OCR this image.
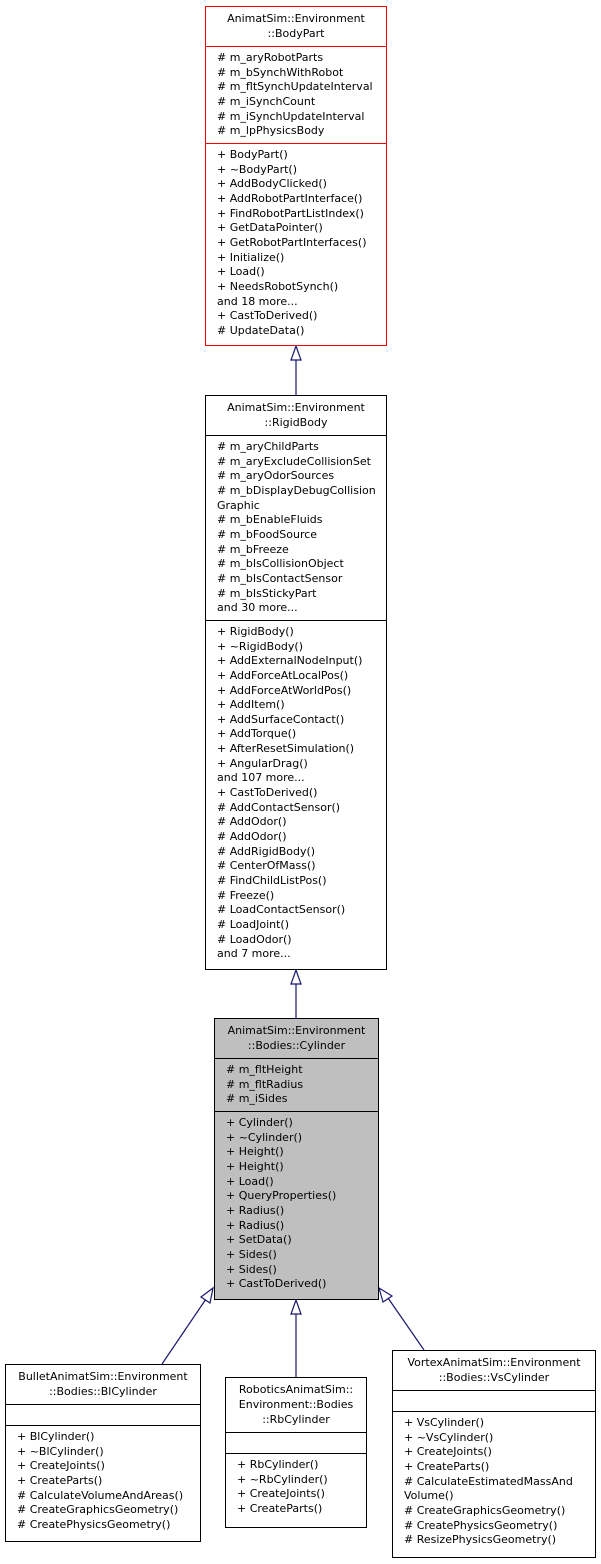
AnimatSim::Environment
::BodyPart
# m_aryRobotParts
# m_bSynchWithRobot
# m_fltSynchUpdateInterval
# m_iSynchCount
# m_iSynchUpdateInterval
# m_lpPhysicsBody
+ BodyPart()
+ ~BodyPart()
+ AddBodyClicked()
+ AddRobotPartInterface()
+ FindRobotPartListIndex()
+ GetDataPointer()
+ GetRobotPartInterfaces()
+ Initialize()
+ Load()
+ NeedsRobotSynch()
and 18 more...
+ CastToDerived()
# UpdateData()
AnimatSim::Environment
::RigidBody
# m_aryChildParts
# m_aryExcludeCollisionSet
# m_aryOdorSources
# m_bDisplayDebugCollision Graphic
# m_bEnableFluids
# m_bFoodSource
# m_bFreeze
# m_bIsCollisionObject
# m_bIsContactSensor
# m_bIsStickyPart
and 30 more...
+ RigidBody()
+ ~RigidBody()
+ AddExternalNodeInput()
+ AddForceAtLocalPos()
+ AddForceAtWorldPos()
+ AddItem()
+ AddSurfaceContact()
+ AddTorque()
+ AfterResetSimulation()
+ AngularDrag()
and 107 more...
+ CastToDerived()
# AddContactSensor()
# AddOdor()
# AddOdor()
# AddRigidBody()
# CenterOfMass()
# FindChildListPos()
# Freeze()
# LoadContactSensor()
# LoadJoint()
# LoadOdor()
and 7 more...
AnimatSim::Environment
::Bodies::Cylinder
# m_fltHeight
# m_fltRadius
# m_iSides
+ Cylinder()
+ ~Cylinder()
+ Height()
+ Height()
+ Load()
+ QueryProperties()
+ Radius()
+ Radius()
+ SetData()
+ Sides()
+ Sides()
+ CastToDerived()
BulletAnimatSim::Environment
::Bodies::BlCylinder
+ BlCylinder()
+ ~BlCylinder()
+ CreateJoints()
+ CreateParts()
# CalculateVolumeAndAreas()
# CreateGraphicsGeometry()
# CreatePhysicsGeometry()
RoboticsAnimatSim::
Environment::Bodies
::RbCylinder
+ RbCylinder()
+ ~RbCylinder()
+ CreateJoints()
+ CreateParts()
VortexAnimatSim::Environment
::Bodies::VsCylinder
+ VsCylinder()
+ ~VsCylinder()
+ CreateJoints()
+ CreateParts()
# CalculateEstimatedMassAnd Volume()
# CreateGraphicsGeometry()
# CreatePhysicsGeometry()
# ResizePhysicsGeometry()
